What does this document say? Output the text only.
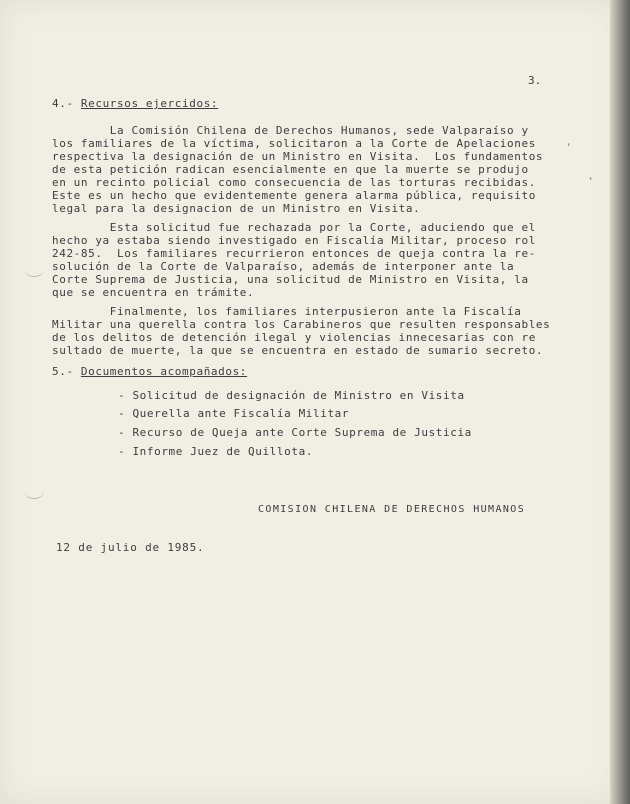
3.
4.- Recursos ejercidos:
La Comisión Chilena de Derechos Humanos, sede Valparaíso y
los familiares de la víctima, solicitaron a la Corte de Apelaciones
respectiva la designación de un Ministro en Visita.  Los fundamentos
de esta petición radican esencialmente en que la muerte se produjo
en un recinto policial como consecuencia de las torturas recibidas.
Este es un hecho que evidentemente genera alarma pública, requisito
legal para la designacion de un Ministro en Visita.
Esta solicitud fue rechazada por la Corte, aduciendo que el
hecho ya estaba siendo investigado en Fiscalía Militar, proceso rol
242-85.  Los familiares recurrieron entonces de queja contra la re-
solución de la Corte de Valparaíso, además de interponer ante la
Corte Suprema de Justicia, una solicitud de Ministro en Visita, la
que se encuentra en trámite.
Finalmente, los familiares interpusieron ante la Fiscalía
Militar una querella contra los Carabineros que resulten responsables
de los delitos de detención ilegal y violencias innecesarias con re
sultado de muerte, la que se encuentra en estado de sumario secreto.
5.- Documentos acompañados:
- Solicitud de designación de Ministro en Visita
- Querella ante Fiscalía Militar
- Recurso de Queja ante Corte Suprema de Justicia
- Informe Juez de Quillota.
COMISION CHILENA DE DERECHOS HUMANOS
12 de julio de 1985.
,
,
